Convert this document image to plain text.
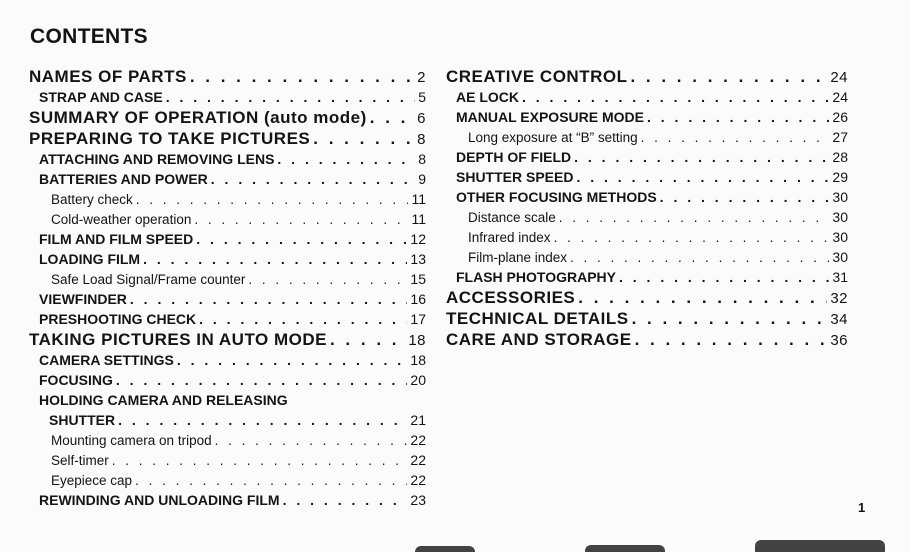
CONTENTS
NAMES OF PARTS . . .	2
STRAP AND CASE . . .	5
SUMMARY OF OPERATION (auto mode) . . .	6
PREPARING TO TAKE PICTURES . . .	8
ATTACHING AND REMOVING LENS . . .	8
BATTERIES AND POWER . . .	9
Battery check . . .	11
Cold-weather operation . . .	11
FILM AND FILM SPEED . . .	12
LOADING FILM . . .	13
Safe Load Signal/Frame counter . . .	15
VIEWFINDER . . .	16
PRESHOOTING CHECK . . .	17
TAKING PICTURES IN AUTO MODE . . .	18
CAMERA SETTINGS . . .	18
FOCUSING . . .	20
HOLDING CAMERA AND RELEASING
SHUTTER . . .	21
Mounting camera on tripod . . .	22
Self-timer . . .	22
Eyepiece cap . . .	22
REWINDING AND UNLOADING FILM . . .	23
CREATIVE CONTROL . . .	24
AE LOCK . . .	24
MANUAL EXPOSURE MODE . . .	26
Long exposure at “B” setting . . .	27
DEPTH OF FIELD . . .	28
SHUTTER SPEED . . .	29
OTHER FOCUSING METHODS . . .	30
Distance scale . . .	30
Infrared index . . .	30
Film-plane index . . .	30
FLASH PHOTOGRAPHY . . .	31
ACCESSORIES . . .	32
TECHNICAL DETAILS . . .	34
CARE AND STORAGE . . .	36

1
